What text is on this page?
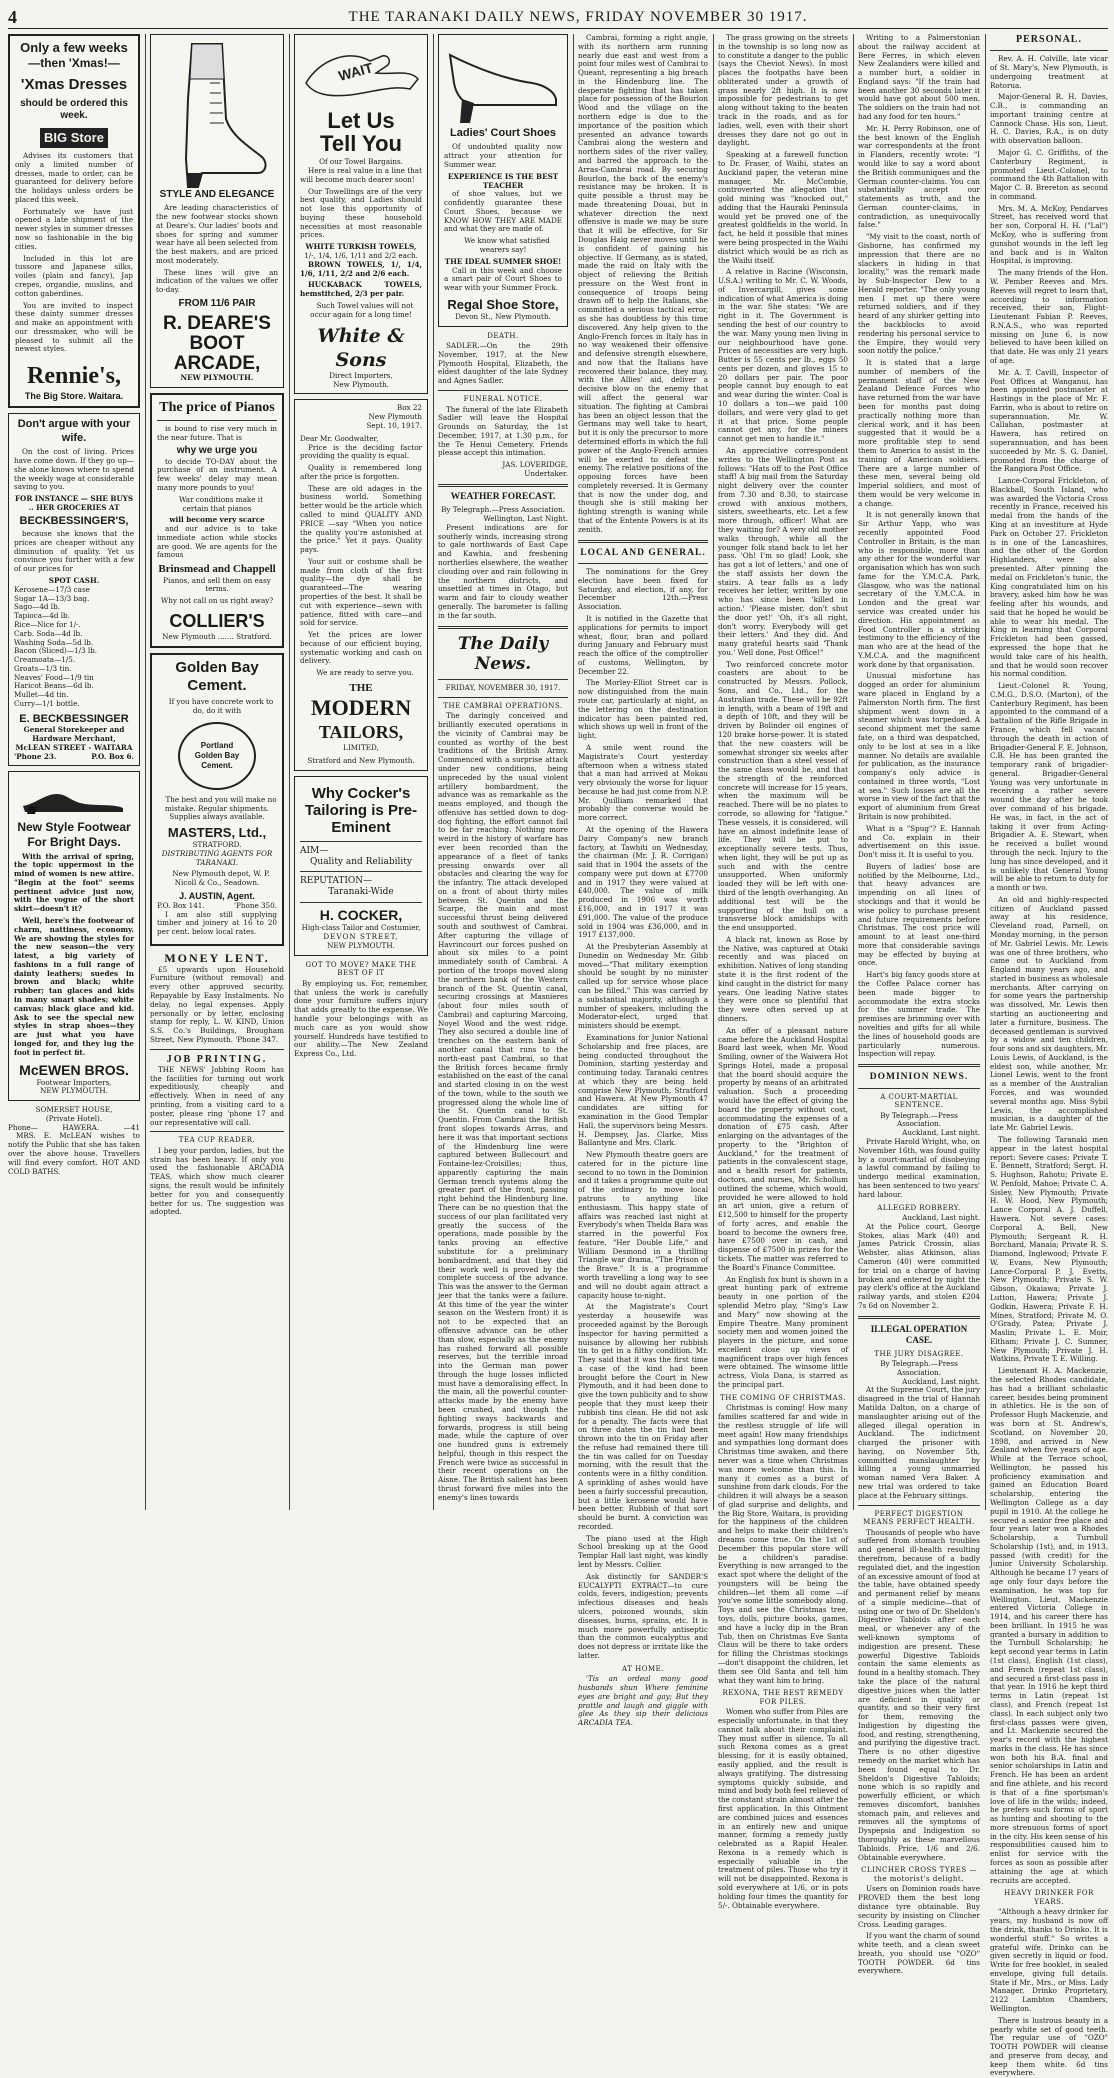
4	THE TARANAKI DAILY NEWS, FRIDAY NOVEMBER 30 1917.
Only a few weeks
—then 'Xmas!—
'Xmas Dresses
should be ordered this week.
BIG Store

Advises its customers that only a limited number of dresses, made to order, can be guaranteed for delivery before the holidays unless orders be placed this week.

Fortunately we have just opened a late shipment of the newer styles in summer dresses now so fashionable in the big cities.

Included in this lot are tussore and Japanese silks, voiles (plain and fancy), Jap crepes, organdie, muslins, and cotton gaberdines.

You are invited to inspect these dainty summer dresses and make an appointment with our dressmaker, who will be pleased to submit all the newest styles.

Rennie's,
The Big Store. Waitara.
Don't argue with your wife.

On the cost of living. Prices have come down. If they go up—she alone knows where to spend the weekly wage at considerable saving to you.

FOR INSTANCE — SHE BUYS .. HER GROCERIES AT
BECKBESSINGER'S,

because she knows that the prices are cheaper without any diminution of quality. Yet us convince you further with a few of our prices for

SPOT CASH.
Kerosene—17/3 case
Sugar 1A—13/3 bag.
Sago—4d lb.
Tapioca—4d lb.
Rice—Nice for 1/-.
Carb. Soda—4d lb.
Washing Soda—5d lb.
Bacon (Sliced)—1/3 lb.
Creamoata—1/5.
Groats—1/3 tin.
Neaves' Food—1/9 tin
Haricot Beans—6d lb.
Mullet—4d tin.
Curry—1/1 bottle.
E. BECKBESSINGER
General Storekeeper and Hardware Merchant,
McLEAN STREET - WAITARA
'Phone 23.	P.O. Box 6.
New Style Footwear For Bright Days.

With the arrival of spring, the topic uppermost in the mind of women is new attire. "Begin at the foot" seems pertinent advice just now, with the vogue of the short skirt—doesn't it?

Well, here's the footwear of charm, nattiness, economy. We are showing the styles for the new season—the very latest, a big variety of fashions in a full range of dainty leathers; suedes in brown and black; white rubber; tan glaces and kids in many smart shades; white canvas; black glace and kid. Ask to see the special new styles in strap shoes—they are just what you have longed for, and they lug the foot in perfect fit.

McEWEN BROS.
Footwear Importers,
NEW PLYMOUTH.
SOMERSET HOUSE,
(Private Hotel).
Phone—	HAWERA.	—41

MRS. E. McLEAN wishes to notify the Public that she has taken over the above house. Travellers will find every comfort. HOT AND COLD BATHS.

STYLE AND ELEGANCE

Are leading characteristics of the new footwear stocks shown at Deare's. Our ladies' boots and shoes for spring and summer wear have all been selected from the best makers, and are priced most moderately.

These lines will give an indication of the values we offer to-day.

FROM 11/6 PAIR
R. DEARE'S BOOT ARCADE,
NEW PLYMOUTH.
The price of Pianos

is bound to rise very much in the near future. That is

why we urge you

to decide TO-DAY about the purchase of an instrument. A few weeks' delay may mean many more pounds to you!

War conditions make it certain that pianos

will become very scarce

and our advice is to take immediate action while stocks are good. We are agents for the famous

Brinsmead and Chappell
Pianos, and sell them on easy terms.
Why not call on us right away?
COLLIER'S
New Plymouth ....... Stratford.
Golden Bay Cement.

If you have concrete work to do, do it with

Portland
Golden Bay
Cement.

The best and you will make no mistake. Regular shipments. Supplies always available.

MASTERS, Ltd.,
STRATFORD.
DISTRIBUTING AGENTS FOR TARANAKI.

New Plymouth depot, W. P. Nicoll & Co., Seadown.

J. AUSTIN, Agent.
P.O. Box 141.	'Phone 350.

I am also still supplying timber and joinery at 16 to 20 per cent. below local rates.

MONEY LENT.

£5 upwards upon Household Furniture (without removal) and every other approved security. Repayable by Easy Instalments. No delay, no legal expenses. Apply personally or by letter, enclosing stamp for reply, L. W. KIND, Union S.S. Co.'s Buildings, Brougham Street, New Plymouth. 'Phone 347.

JOB PRINTING.

THE NEWS' Jobbing Room has the facilities for turning out work expeditiously, cheaply and effectively. When in need of any printing, from a visiting card to a poster, please ring 'phone 17 and our representative will call.

TEA CUP READER.

I beg your pardon, ladies, but the strain has been heavy. If only you used the fashionable ARCADIA TEAS, which show much clearer signs, the result would be infinitely better for you and consequently better for us. The suggestion was adopted.

WAIT
Let Us
Tell You
Of our Towel Bargains.

Here is real value in a line that will become much dearer soon!

Our Towellings are of the very best quality, and Ladies should not lose this opportunity of buying these household necessities at most reasonable prices.

WHITE TURKISH TOWELS,
1/-, 1/4, 1/6, 1/11 and 2/2 each.

BROWN TOWELS, 1/, 1/4, 1/6, 1/11, 2/2 and 2/6 each.

HUCKABACK TOWELS, hemstitched, 2/3 per pair.

Such Towel values will not occur again for a long time!

White & Sons
Direct Importers,
New Plymouth.
Box 22
New Plymouth
Sept. 10, 1917.
Dear Mr. Goodwalter,

Price is the deciding factor providing the quality is equal.

Quality is remembered long after the price is forgotten.

These are old adages in the business world. Something better would be the article which called to mind QUALITY AND PRICE —say "When you notice the quality you're astonished at the price." Yet it pays. Quality pays.

Your suit or costume shall be made from cloth of the first quality—the dye shall be guaranteed—The wearing properties of the best. It shall be cut with experience—sewn with patience, fitted with care—and sold for service.

Yet the prices are lower because of our efficient buying, systematic working and cash on delivery.

We are ready to serve you.

THE
MODERN
TAILORS,
LIMITED,
Stratford and New Plymouth.
Why Cocker's Tailoring is Pre-Eminent
AIM—
Quality and Reliability
REPUTATION—
Taranaki-Wide
H. COCKER,
High-class Tailor and Costumier,
DEVON STREET,
NEW PLYMOUTH.
GOT TO MOVE? MAKE THE BEST OF IT

By employing us. For, remember, that unless the work is carefully done your furniture suffers injury that adds greatly to the expense. We handle your belongings with as much care as you would show yourself. Hundreds have testified to our ability.—The New Zealand Express Co., Ltd.

Ladies' Court Shoes

Of undoubted quality now attract your attention for Summer wear.

EXPERIENCE IS THE BEST TEACHER

of shoe values, but we confidently guarantee these Court Shoes, because we KNOW HOW THEY ARE MADE and what they are made of.

We know what satisfied wearers say!

THE IDEAL SUMMER SHOE!

Call in this week and choose a smart pair of Court Shoes to wear with your Summer Frock.

Regal Shoe Store,
Devon St., New Plymouth.
DEATH.

SADLER.—On the 29th November, 1917, at the New Plymouth Hospital, Elizabeth, the eldest daughter of the late Sydney and Agnes Sadler.

FUNERAL NOTICE.

The funeral of the late Elizabeth Sadler will leave the Hospital Grounds on Saturday, the 1st December, 1917, at 1.30 p.m., for the Te Henui Cemetery. Friends please accept this intimation.

JAS. LOVERIDGE,
Undertaker.
WEATHER FORECAST.
By Telegraph.—Press Association.
Wellington, Last Night.

Present indications are for southerly winds, increasing strong to gale northwards of East Cape and Kawhia, and freshening northerlies elsewhere, the weather clouding over and rain following in the northern districts, and unsettled at times in Otago, but warm and fair to cloudy weather generally. The barometer is falling in the far south.

The Daily News.
FRIDAY, NOVEMBER 30, 1917.
THE CAMBRAI OPERATIONS.

The daringly conceived and brilliantly executed operations in the vicinity of Cambrai may be counted as worthy of the best traditions of the British Army. Commenced with a surprise attack under new conditions, being unpreceded by the usual violent artillery bombardment, the advance was as remarkable as the means employed, and though the offensive has settled down to dog-dog fighting, the effort cannot fail to be far reaching. Nothing more weird in the history of warfare has ever been recorded than the appearance of a fleet of tanks pressing onwards over all obstacles and clearing the way for the infantry. The attack developed on a front of about thirty miles between St. Quentin and the Scarpe, the main and most successful thrust being delivered south and southwest of Cambrai. After capturing the village of Havrincourt our forces pushed on about six miles to a point immediately south of Cambrai. A portion of the troops moved along the northern bank of the Western branch of the St. Quentin canal, securing crossings at Masnieres (about four miles south of Cambrai) and capturing Marcoing, Noyel Wood and the west ridge. They also secured a double line of trenches on the eastern bank of another canal that runs to the north-east past Cambrai, so that the British forces became firmly established on the east of the canal and started closing in on the west of the town, while to the south we progressed along the whole line of the St. Quentin canal to St. Quentin. From Cambrai the British front slopes towards Arras, and here it was that important sections of the Hindenburg line were captured between Bullecourt and Fontaine-lez-Croisilles; thus, apparently capturing the main German trench systems along the greater part of the front, passing right behind the Hindenburg line. There can be no question that the success of our plan facilitated very greatly the success of the operations, made possible by the tanks proving an effective substitute for a preliminary bombardment, and that they did their work well is proved by the complete success of the advance. This was the answer to the German jeer that the tanks were a failure. At this time of the year the winter season on the Western front) it is not to be expected that an offensive advance can be other than slow, especially as the enemy has rushed forward all possible reserves, but the terrible inroad into the German man power through the huge losses inflicted must have a demoralising effect. In the main, all the powerful counter-attacks made by the enemy have been crushed, and though the fighting sways backwards and forwards, progress is still being made, while the capture of over one hundred guns is extremely helpful, though in this respect the French were twice as successful in their recent operations on the Aisne. The British salient has been thrust forward five miles into the enemy's lines towards

Cambrai, forming a right angle, with its northern arm running nearly due east and west from a point four miles west of Cambrai to Queant, representing a big breach in the Hindenburg line. The desperate fighting that has taken place for possession of the Bourlon Wood and the village on the northern edge is due to the importance of the position which presented an advance towards Cambrai along the western and northern sides of the river valley, and barred the approach to the Arras-Cambrai road. By securing Bourlon, the back of the enemy's resistance may be broken. It is quite possible a thrust may be made threatening Douai, but in whatever direction the next offensive is made we may be sure that it will be effective, for Sir Douglas Haig never moves until he is confident of gaining his objective. If Germany, as is stated, made the raid on Italy with the object of relieving the British pressure on the West front in consequence of troops being drawn off to help the Italians, she committed a serious tactical error, as she has doubtless by this time discovered. Any help given to the Anglo-French forces in Italy has in no way weakened their offensive and defensive strength elsewhere, and now that the Italians have recovered their balance, they may, with the Allies' aid, deliver a decisive blow on the enemy that will affect the general war situation. The fighting at Cambrai has been an object lesson that the Germans may well take to heart, but it is only the precursor to more determined efforts in which the full power of the Anglo-French armies will be exerted to defeat the enemy. The relative positions of the opposing forces have been completely reversed. It is Germany that is now the under dog, and though she is still making her fighting strength is waning while that of the Entente Powers is at its zenith.

LOCAL AND GENERAL.

The nominations for the Grey election have been fixed for Saturday, and election, if any, for December 12th.—Press Association.

It is notified in the Gazette that applications for permits to import wheat, flour, bran and pollard during January and February must reach the office of the comptroller of customs, Wellington, by December 22.

The Morley-Elliot Street car is now distinguished from the main route car, particularly at night, as the lettering on the destination indicator has been painted red, which shows up well in front of the light.

A smile went round the Magistrate's Court yesterday afternoon when a witness stated that a man had arrived at Mokau very obviously the worse for liquor because he had just come from N.P. Mr. Quilliam remarked that probably the converse would be more correct.

At the opening of the Hawera Dairy Company's new branch factory, at Tawhiti on Wednesday, the chairman (Mr. J. R. Corrigan) said that in 1904 the assets of the company were put down at £7700 and in 1917 they were valued at £40,000. The value of milk produced in 1906 was worth £16,000, and in 1917 it was £91,000. The value of the produce sold in 1904 was £36,000, and in 1917 £137,000.

At the Presbyterian Assembly at Dunedin on Wednesday Mr. Gibb moved—"That military exemption should be sought by no minister called up for service whose place can be filled." This was carried by a substantial majority, although a number of speakers, including the Moderator-elect, urged that ministers should be exempt.

Examinations for Junior National Scholarship and free places, are being conducted throughout the Dominion, starting yesterday and continuing today. Taranaki centres at which they are being held comprise New Plymouth, Stratford and Hawera. At New Plymouth 47 candidates are sitting for examination in the Good Templar Hall, the supervisors being Messrs. H. Dempsey, Jas. Clarke, Miss Ballantyne and Mrs. Clark.

New Plymouth theatre goers are catered for in the picture line second to no town in the Dominion and it takes a programme quite out of the ordinary to move local patrons to anything like enthusiasm. This happy state of affairs was reached last night at Everybody's when Thelda Bara was starred in the powerful Fox feature, "Her Double Life," and William Desmond in a thrilling Triangle war drama, "The Prison of the Brave." It is a programme worth travelling a long way to see and will no doubt again attract a capacity house to-night.

At the Magistrate's Court yesterday a housewife was proceeded against by the Borough Inspector for having permitted a nuisance by allowing her rubbish tin to get in a filthy condition. Mr. They said that it was the first time a case of the kind had been brought before the Court in New Plymouth, and it had been done to give the town publicity and to show people that they must keep their rubbish tins clean. He did not ask for a penalty. The facts were that on three dates the tin had been thrown into the tin on Friday after the refuse had remained there till the tin was called for on Tuesday morning, with the result that the contents were in a filthy condition. A sprinkling of ashes would have been a fairly successful precaution, but a little kerosene would have been better. Rubbish of that sort should be burnt. A conviction was recorded.

The piano used at the High School breaking up at the Good Templar Hall last night, was kindly lent by Messrs. Collier.

Ask distinctly for SANDER'S EUCALYPTI EXTRACT—to cure colds, fevers, indigestion; prevents infectious diseases and heals ulcers, poisoned wounds, skin diseases, burns, sprains, etc. It is much more powerfully antiseptic than the common eucalyptus and does not depress or irritate like the latter.

AT HOME.

'Tis an ordeal many good husbands shun Where feminine eyes are bright and gay; But they prattle and laugh and giggle with glee As they sip their delicious ARCADIA TEA.

The grass growing on the streets in the township is so long now as to constitute a danger to the public (says the Cheviot News). In most places the footpaths have been obliterated under a growth of grass nearly 2ft high. It is now impossible for pedestrians to get along without taking to the beaten track in the roads, and as for ladies, well, even with their short dresses they dare not go out in daylight.

Speaking at a farewell function to Dr. Fraser, of Waihi, states an Auckland paper, the veteran mine manager, Mr. McCombie, controverted the allegation that gold mining was "knocked out," adding that the Hauraki Peninsula would yet be proved one of the greatest goldfields in the world. In fact, he held it possible that mines were being prospected in the Waihi district which would be as rich as the Waihi itself.

A relative in Racine (Wisconsin, U.S.A.) writing to Mr. C. W. Woods, of Invercargill, gives some indication of what America is doing in the war. She states: "We are right in it. The Government is sending the best of our country to the war. Many young men living in our neighbourhood have gone. Prices of necessities are very high. Butter is 55 cents per lb., eggs 50 cents per dozen, and gloves 15 to 20 dollars per pair. The poor people cannot buy enough to eat and wear during the winter. Coal is 10 dollars a ton—we paid 100 dollars, and were very glad to get it at that price. Some people cannot get any, for the miners cannot get men to handle it."

An appreciative correspondent writes to the Wellington Post as follows: "Hats off to the Post Office staff! A big mail from the Saturday night delivery over the counter from 7.30 and 8.30, to staircase crowd with anxious mothers, sisters, sweethearts, etc. Let a few more through, officer! What are they waiting for? A very old mother walks through, while all the younger folk stand back to let her pass. 'Oh! I'm so glad! Look, she has got a lot of letters,' and one of the staff assists her down the stairs. A tear falls as a lady receives her letter, written by one who has since been 'killed in action.' 'Please mister, don't shut the door yet!' 'Oh, it's all right, don't worry. Everybody will get their letters.' And they did. And many grateful hearts said 'Thank you.' Well done, Post Office!"

Two reinforced concrete motor coasters are about to be constructed by Messrs. Pollock, Sons, and Co., Ltd., for the Australian trade. These will be 92ft in length, with a beam of 19ft and a depth of 10ft, and they will be driven by Bolinder oil engines of 120 brake horse-power. It is stated that the new coasters will be somewhat stronger six weeks after construction than a steel vessel of the same class would be, and that the strength of the reinforced concrete will increase for 15 years, when the maximum will be reached. There will be no plates to corrode, so allowing for "fatigue." These vessels, it is considered, will have an almost indefinite lease of life. They will be put to exceptionally severe tests. Thus, when light, they will be put up as such and with the centre unsupported. When uniformly loaded they will be left with one-third of the length overhanging. An additional test will be the supporting of the hull on a transverse block amidships with the end unsupported.

A black rat, known as Rose by the Native, was captured at Otaki recently and was placed on exhibition. Natives of long standing state it is the first rodent of the kind caught in the district for many years. One leading Native states they were once so plentiful that they were often served up at dinners.

An offer of a pleasant nature came before the Auckland Hospital Board last week, when Mr. Wood Smiling, owner of the Waiwera Hot Springs Hotel, made a proposal that the board should acquire the property by means of an arbitrated valuation. Such a proceeding would have the effect of giving the board the property without cost, accommodating the expenses of a donation of £75 cash. After enlarging on the advantages of the property to the "Brighton of Auckland," for the treatment of patients in the convalescent stage, and a health resort for patients, doctors, and nurses, Mr. Schollum outlined the scheme, which would, provided he were allowed to hold an art union, give a return of £12,500 to himself for the property of forty acres, and enable the board to become the owners free, have £7500 over in cash, and dispense of £7500 in prizes for the tickets. The matter was referred to the Board's Finance Committee.

An English fox hunt is shown in a great hunting park of extreme beauty in one portion of the splendid Metro play, "Sing's Law and Mary" now showing at the Empire Theatre. Many prominent society men and women joined the players in the picture, and some excellent close up views of magnificent traps over high fences were obtained. The winsome little actress, Viola Dana, is starred as the principal part.

THE COMING OF CHRISTMAS.

Christmas is coming! How many families scattered far and wide in the restless struggle of life will meet again! How many friendships and sympathies long dormant does Christmas time awaken, and there never was a time when Christmas was more welcome than this. In many it comes as a burst of sunshine from dark clouds. For the children it will always be a season of glad surprise and delights, and the Big Store, Waitara, is providing for the happiness of the children and helps to make their children's dreams come true. On the 1st of December this popular store will be a children's paradise. Everything is now arranged to the exact spot where the delight of the youngsters will be being the children—let them all come —if you've some little somebody along. Toys and see the Christmas tree, toys, dolls, picture books, games, and have a lucky dip in the Bran Tub, then on Christmas Eve Santa Claus will be there to take orders for filling the Christmas stockings —don't disappoint the children, let them see Old Santa and tell him what they want him to bring.

REXONA, THE BEST REMEDY FOR PILES.

Women who suffer from Piles are especially unfortunate, in that they cannot talk about their complaint. They must suffer in silence. To all such Rexona comes as a great blessing, for it is easily obtained, easily applied, and the result is always gratifying. The distressing symptoms quickly subside, and mind and body both feel relieved of the constant strain almost after the first application. In this Ointment are combined juices and essences in an entirely new and unique manner, forming a remedy justly celebrated as a Rapid Healer. Rexona is a remedy which is especially valuable in the treatment of piles. Those who try it will not be disappointed. Rexona is sold everywhere at 1/6, or in pots holding four times the quantity for 5/-. Obtainable everywhere.

Writing to a Palmerstonian about the railway accident at Bere Ferres, in which eleven New Zealanders were killed and a number hurt, a soldier in England says: "If the train had been another 30 seconds later it would have got about 500 men. The soldiers on the train had not had any food for ten hours."

Mr. H. Perry Robinson, one of the best known of the English war correspondents at the front in Flanders, recently wrote: "I would like to say a word about the British communiques and the German counter-claims. You can substantially accept our statements as truth, and the German counter-claims, in contradiction, as unequivocally false."

"My visit to the coast, north of Gisborne, has confirmed my impression that there are no slackers in hiding in that locality," was the remark made by Sub-Inspector Dew to a Herald reporter. "The only young men I met up there were returned soldiers, and if they heard of any shirker getting into the backblocks to avoid rendering his personal service to the Empire, they would very soon notify the police."

It is stated that a large number of members of the permanent staff of the New Zealand Defence Forces who have returned from the war have been for months past doing practically nothing more than clerical work, and it has been suggested that it would be a more profitable step to send them to America to assist in the training of American soldiers. There are a large number of these men, several being old Imperial soldiers, and most of them would be very welcome in a change.

It is not generally known that Sir Arthur Yapp, who was recently appointed Food Controller in Britain, is the man who is responsible, more than any other for the wonderful war organisation which has won such fame for the Y.M.C.A. Park, Glasgow, who was the national secretary of the Y.M.C.A. in London and the great war service was created under his direction. His appointment as Food Controller is a striking testimony to the efficiency of the man who are at the head of the Y.M.C.A. and the magnificent work done by that organisation.

Unusual misfortune has dogged an order for aluminium ware placed in England by a Palmerston North firm. The first shipment went down in a steamer which was torpedoed. A second shipment met the same fate, on a third was despatched, only to be lost at sea in a like manner. No details are available for publication, as the insurance company's only advice is contained in three words, "Lost at sea." Such losses are all the worse in view of the fact that the export of aluminium from Great Britain is now prohibited.

What is a "Spug"? E. Hannah and Co. explain in their advertisement on this issue. Don't miss it. It is useful to you.

Buyers of ladies' hose are notified by the Melbourne, Ltd., that heavy advances are impending on all lines of stockings and that it would be wise policy to purchase present and future requirements before Christmas. The cost price will amount to at least one-third more that considerable savings may be effected by buying at once.

Hart's big fancy goods store at the Coffee Palace corner has been made bigger to accommodate the extra stocks for the summer trade. The premises are brimming over with novelties and gifts for all while the lines of household goods are particularly numerous. Inspection will repay.

DOMINION NEWS.
A COURT-MARTIAL SENTENCE.
By Telegraph.—Press Association.
Auckland, Last night.

Private Harold Wright, who, on November 16th, was found guilty by a court-martial of disobeying a lawful command by failing to undergo medical examination, has been sentenced to two years' hard labour.

ALLEGED ROBBERY.
Auckland, Last night.

At the Police court, George Stokes, alias Mark (40) and James Patrick Crossin, alias Webster, alias Atkinson, alias Cameron (40) were committed for trial on a charge of having broken and entered by night the pay clerk's office at the Auckland railway yards, and stolen £204 7s 6d on November 2.

ILLEGAL OPERATION CASE.
THE JURY DISAGREE.
By Telegraph.—Press Association.
Auckland, Last night.

At the Supreme Court, the jury disagreed in the trial of Hannah Matilda Dalton, on a charge of manslaughter arising out of the alleged illegal operation in Auckland. The indictment charged the prisoner with having, on November 5th, committed manslaughter by killing a young unmarried woman named Vera Baker. A new trial was ordered to take place at the February sittings.

PERFECT DIGESTION MEANS PERFECT HEALTH.

Thousands of people who have suffered from stomach troubles and general ill-health resulting therefrom, because of a badly regulated diet, and the ingestion of an excessive amount of food at the table, have obtained speedy and permanent relief by means of a simple medicine—that of using one or two of Dr. Sheldon's Digestive Tabloids after each meal, or whenever any of the well-known symptoms of indigestion are present. These powerful Digestive Tabloids contain the same elements as found in a healthy stomach. They take the place of the natural digestive juices when the latter are deficient in quality or quantity, and so their very first for them, removing the Indigestion by digesting the food, and resting, strengthening, and purifying the digestive tract. There is no other digestive remedy on the market which has been found equal to Dr. Sheldon's Digestive Tabloids; none which is so rapidly and powerfully efficient, or which removes discomfort, banishes stomach pain, and relieves and removes all the symptoms of Dyspepsia and Indigestion so thoroughly as these marvellous Tabloids. Price, 1/6 and 2/6. Obtainable everywhere.

CLINCHER CROSS TYRES — the motorist's delight.

Users on Dominion roads have PROVED them the best long distance tyre obtainable. Buy security by insisting on Clincher Cross. Leading garages.

If you want the charm of sound white teeth, and a clean sweet breath, you should use "OZO" TOOTH POWDER. 6d tins everywhere.

PERSONAL.

Rev. A. H. Colville, late vicar of St. Mary's, New Plymouth, is undergoing treatment at Rotorua.

Major-General R. H. Davies, C.B., is commanding an important training centre at Cannock Chase. His son, Lieut. H. C. Davies, R.A., is on duty with observation balloon.

Major G. C. Griffiths, of the Canterbury Regiment, is promoted Lieut.-Colonel, to command the 4th Battalion with Major C. B. Brereton as second in command.

Mrs. M. A. McKoy, Pendarves Street, has received word that her son, Corporal H. H. ("Lal") McKoy, who is suffering from gunshot wounds in the left leg and back and is in Walton Hospital, is improving.

The many friends of the Hon. W. Pember Reeves and Mrs. Reeves will regret to learn that, according to information received, their son, Flight-Lieutenant Fabian P. Reeves, R.N.A.S., who was reported missing on June 6, is now believed to have been killed on that date. He was only 21 years of age.

Mr. A. T. Cavill, Inspector of Post Offices at Wanganui, has been appointed postmaster at Hastings in the place of Mr. F. Farrin, who is about to retire on superannuation. Mr. W. Callahan, postmaster at Hawera, has retired on superannuation, and has been succeeded by Mr. S. G. Daniel, promoted from the charge of the Rangiora Post Office.

Lance-Corporal Frickleton, of Blackball, South Island, who was awarded the Victoria Cross recently in France, received his medal from the hands of the King at an investiture at Hyde Park on October 27. Frickleton is in one of the Lancashires, and the other of the Gordon Highlanders, were also presented. After pinning the medal on Frickleton's tunic, the King congratulated him on his bravery, asked him how he was feeling after his wounds, and said that he hoped he would be able to wear his medal. The King in learning that Corporal Frickleton had been gassed, expressed the hope that he would take care of his health, and that he would soon recover his normal condition.

Lieut.-Colonel R. Young, C.M.G., D.S.O. (Marton), of the Canterbury Regiment, has been appointed to the command of a battalion of the Rifle Brigade in France, which fell vacant through the death in action of Brigadier-General F. E. Johnson, C.B. He has been granted the temporary rank of brigadier-general. Brigadier-General Young was very unfortunate in receiving a rather severe wound the day after he took over command of his brigade. He was, in fact, in the act of taking it over from Acting-Brigadier A. E. Stewart, when he received a bullet wound through the neck. Injury to the lung has since developed, and it is unlikely that General Young will be able to return to duty for a month or two.

An old and highly-respected citizen of Auckland passed away at his residence, Cleveland road, Parnell, on Monday morning, in the person of Mr. Gabriel Lewis. Mr. Lewis was one of three brothers, who came out to Auckland from England many years ago, and started in business as wholesale merchants. After carrying on for some years the partnership was dissolved, Mr. Lewis then starting an auctioneering and later a furniture, business. The deceased gentleman is survived by a widow and ten children, four sons and six daughters, Mr. Louis Lewis, of Auckland, is the eldest son, while another, Mr. Lionel Lewis, went to the front as a member of the Australian Forces, and was wounded several months ago. Miss Sybil Lewis, the accomplished musician, is a daughter of the late Mr. Gabriel Lewis.

The following Taranaki men appear in the latest hospital report: Severe cases: Private T. E. Bennett, Stratford; Sergt. H. S. Hughson, Rahotu; Private E. W. Penfold, Mahoe; Private C. A. Sisley, New Plymouth; Private H. W. Hood, New Plymouth; Lance Corporal A. J. Duffell, Hawera. Not severe cases: Corporal A. Bell, New Plymouth; Sergeant R. H. Borchard, Manaia; Private R. S. Diamond, Inglewood; Private F. W. Evans, New Plymouth; Lance-Corporal P. J. Evetts, New Plymouth; Private S. W. Gibson, Okaiawa; Private J. Lutton, Hawera; Private J. Godkin, Hawera; Private F. H. Mines, Stratford; Private M. O. O'Grady, Patea; Private J. Maslin; Private L. E. Moir, Eltham; Private J. C. Sumner, New Plymouth; Private J. H. Watkins, Private T. E. Willing.

Lieutenant H. A. Mackenzie, the selected Rhodes candidate, has had a brilliant scholastic career, besides being prominent in athletics. He is the son of Professor Hugh Mackenzie, and was born at St. Andrew's, Scotland, on November 20, 1898, and arrived in New Zealand when five years of age. While at the Terrace school, Wellington, he passed his proficiency examination and gained an Education Board scholarship, entering the Wellington College as a day pupil in 1910. At the college he secured a senior free place and four years later won a Rhodes Scholarship, a Turnbull Scholarship (1st), and, in 1913, passed (with credit) for the Junior University Scholarship. Although he became 17 years of age only four days before the examination, he was top for Wellington. Lieut. Mackenzie entered Victoria College in 1914, and his career there has been brilliant. In 1915 he was granted a bursary in addition to the Turnbull Scholarship; he kept second year terms in Latin (1st class), English (1st class), and French (repeat 1st class), and secured a first-class pass in that year. In 1916 he kept third terms in Latin (repeat 1st class), and French (repeat 1st class). In each subject only two first-class passes were given, and Lt. Mackenzie secured the year's record with the highest marks in the class. He has since won both his B.A. final and senior scholarships in Latin and French. He has been an ardent and fine athlete, and his record is that of a fine sportsman's love of life in the wilds; indeed, he prefers such forms of sport as hunting and shooting to the more strenuous forms of sport in the city. His keen sense of his responsibilities caused him to enlist for service with the forces as soon as possible after attaining the age at which recruits are accepted.

HEAVY DRINKER FOR YEARS.

"Although a heavy drinker for years, my husband is now off the drink, thanks to Drinko. It is wonderful stuff." So writes a grateful wife. Drinko can be given secretly in liquid or food. Write for free booklet, in sealed envelope, giving full details. State if Mr., Mrs., or Miss. Lady Manager, Drinko Proprietary, 2122 Lambton Chambers, Wellington.

There is lustrous beauty in a pearly white set of good teeth. The regular use of "OZO" TOOTH POWDER will cleanse and preserve from decay, and keep them white. 6d tins everywhere.
